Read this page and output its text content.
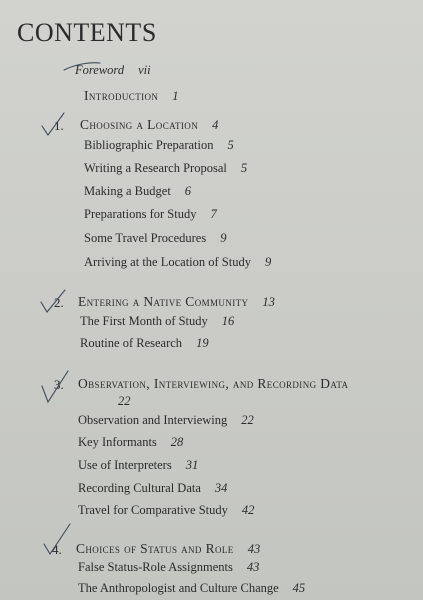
CONTENTS
Foreword vii
Introduction 1
1. Choosing a Location 4
Bibliographic Preparation 5
Writing a Research Proposal 5
Making a Budget 6
Preparations for Study 7
Some Travel Procedures 9
Arriving at the Location of Study 9
2. Entering a Native Community 13
The First Month of Study 16
Routine of Research 19
3. Observation, Interviewing, and Recording Data
22
Observation and Interviewing 22
Key Informants 28
Use of Interpreters 31
Recording Cultural Data 34
Travel for Comparative Study 42
4. Choices of Status and Role 43
False Status-Role Assignments 43
The Anthropologist and Culture Change 45
